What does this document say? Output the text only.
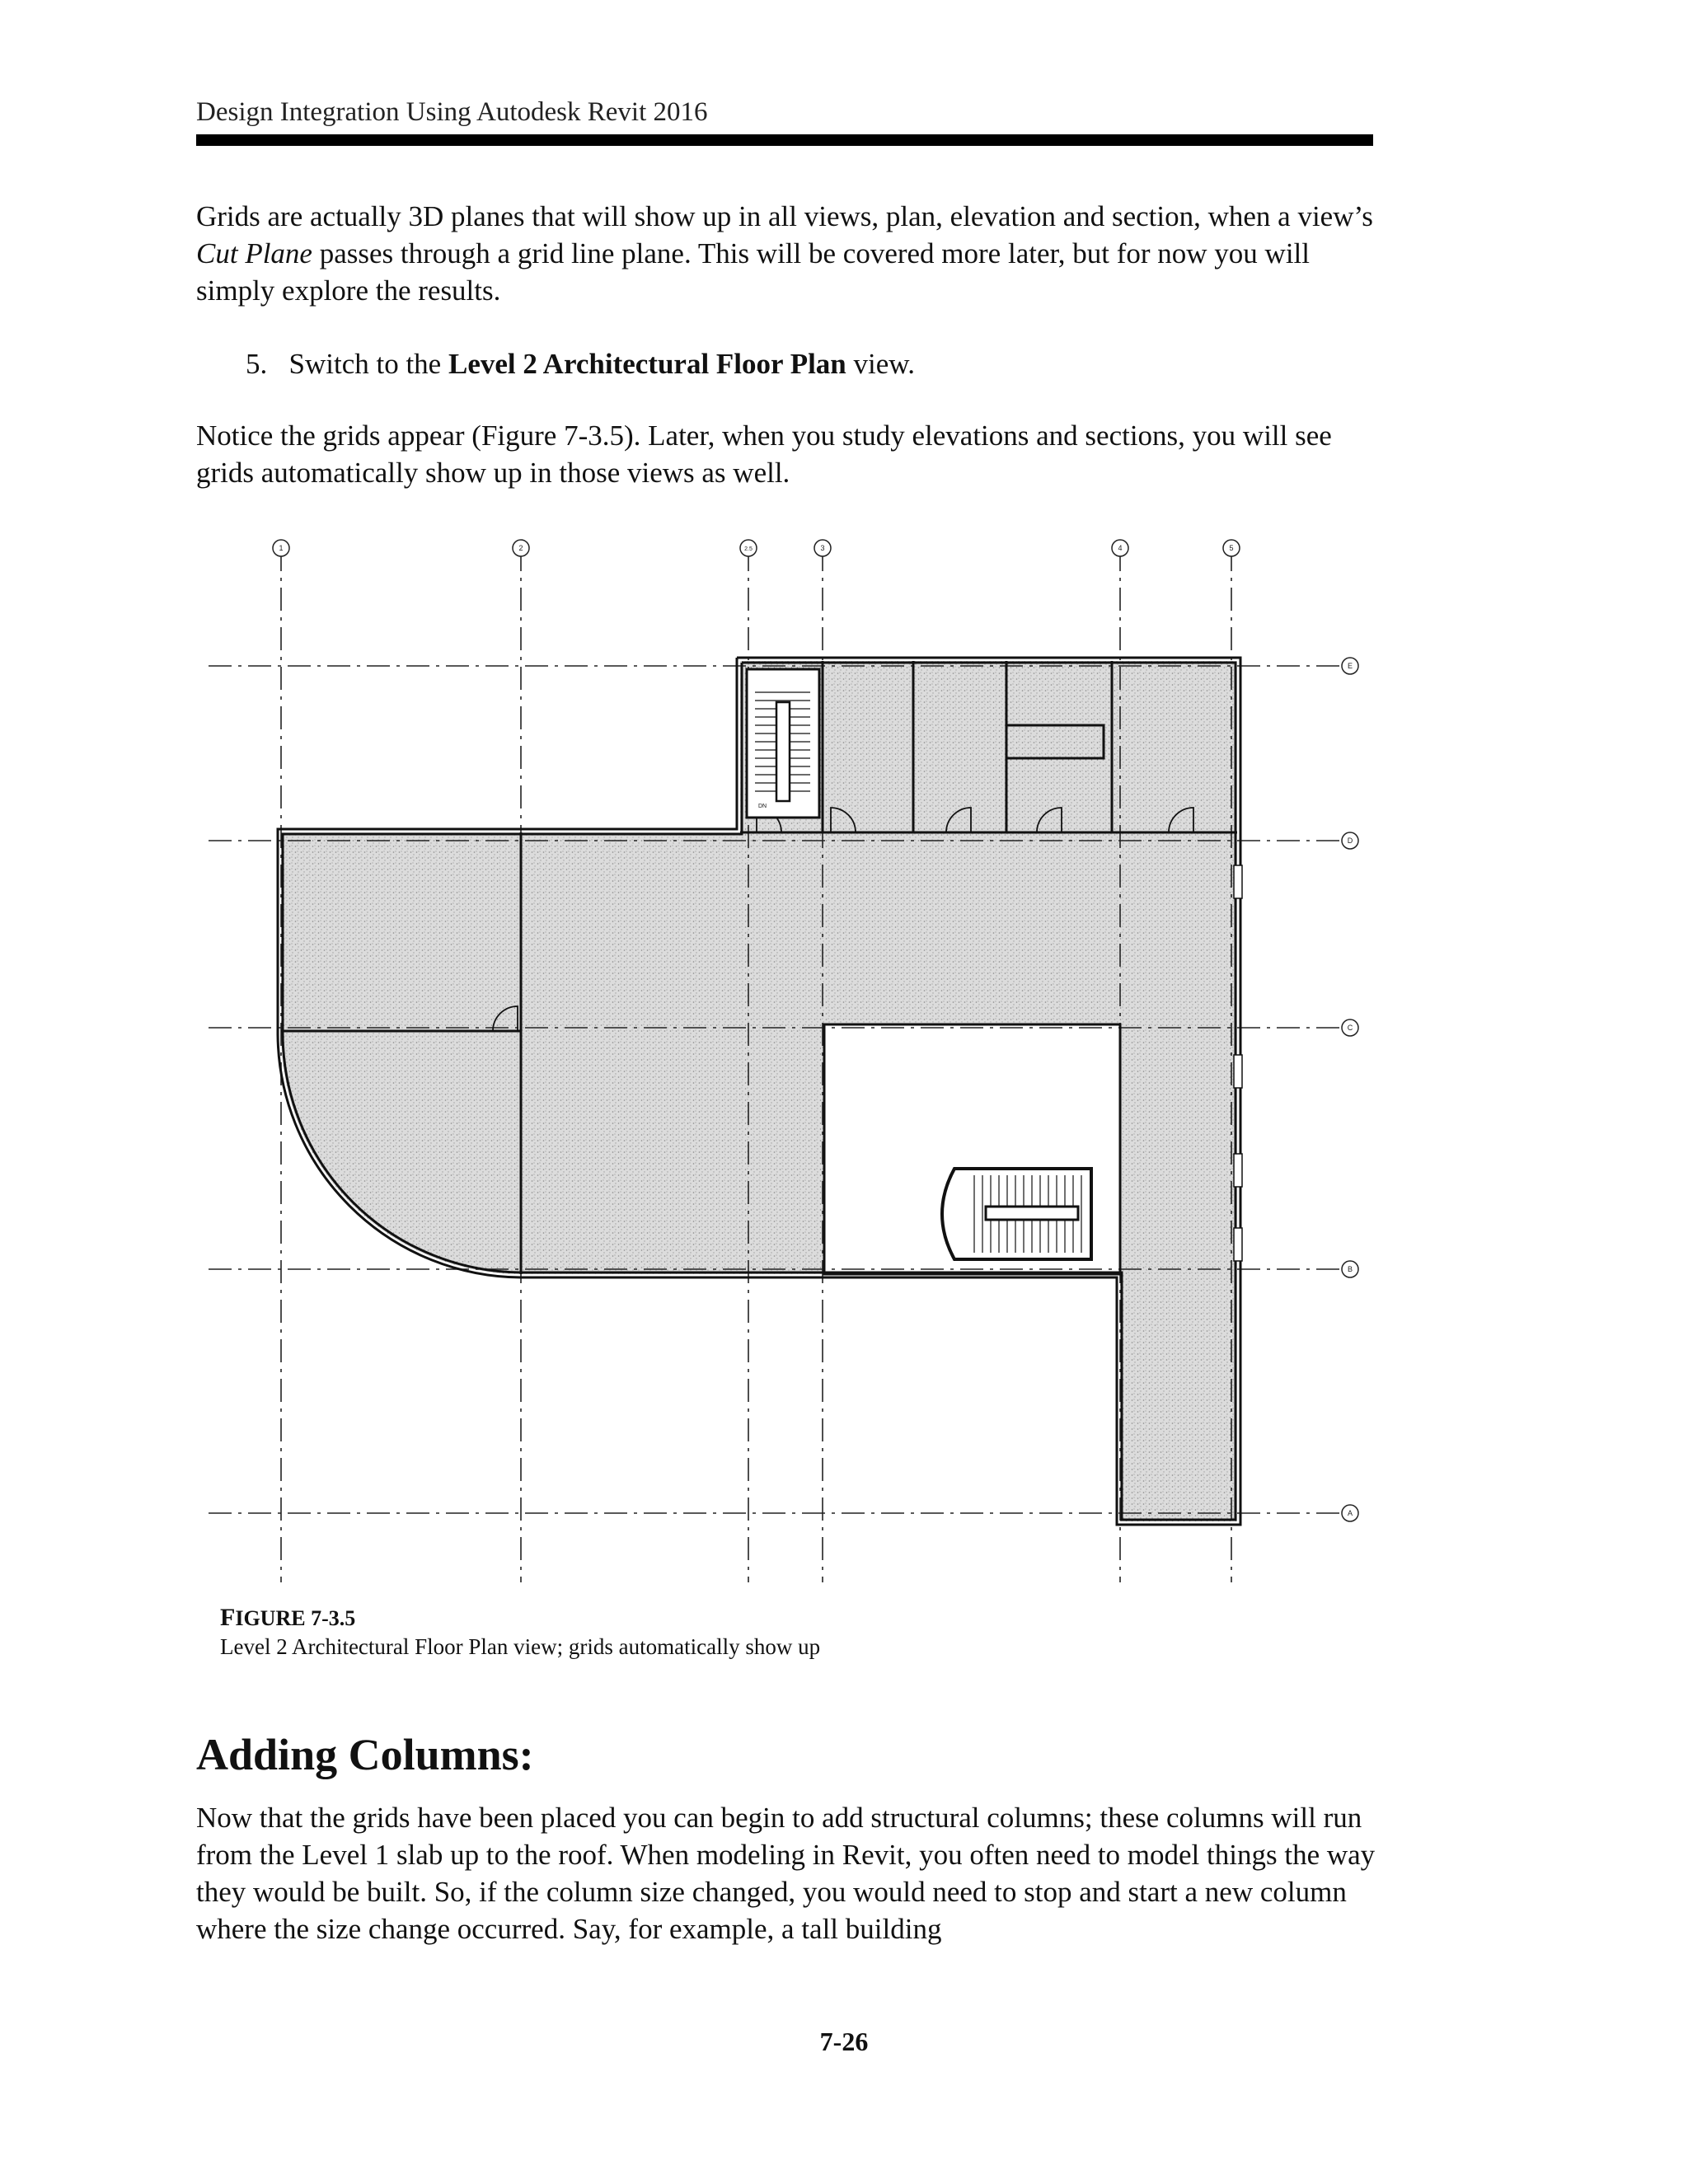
Design Integration Using Autodesk Revit 2016

Grids are actually 3D planes that will show up in all views, plan, elevation and section, when a view’s Cut Plane passes through a grid line plane. This will be covered more later, but for now you will simply explore the results.

5. Switch to the Level 2 Architectural Floor Plan view.

Notice the grids appear (Figure 7-3.5). Later, when you study elevations and sections, you will see grids automatically show up in those views as well.

1	2	2.5	3	4	5
E
D
C
B
A
DN
FIGURE 7-3.5
Level 2 Architectural Floor Plan view; grids automatically show up
Adding Columns:

Now that the grids have been placed you can begin to add structural columns; these columns will run from the Level 1 slab up to the roof. When modeling in Revit, you often need to model things the way they would be built. So, if the column size changed, you would need to stop and start a new column where the size change occurred. Say, for example, a tall building

7-26
